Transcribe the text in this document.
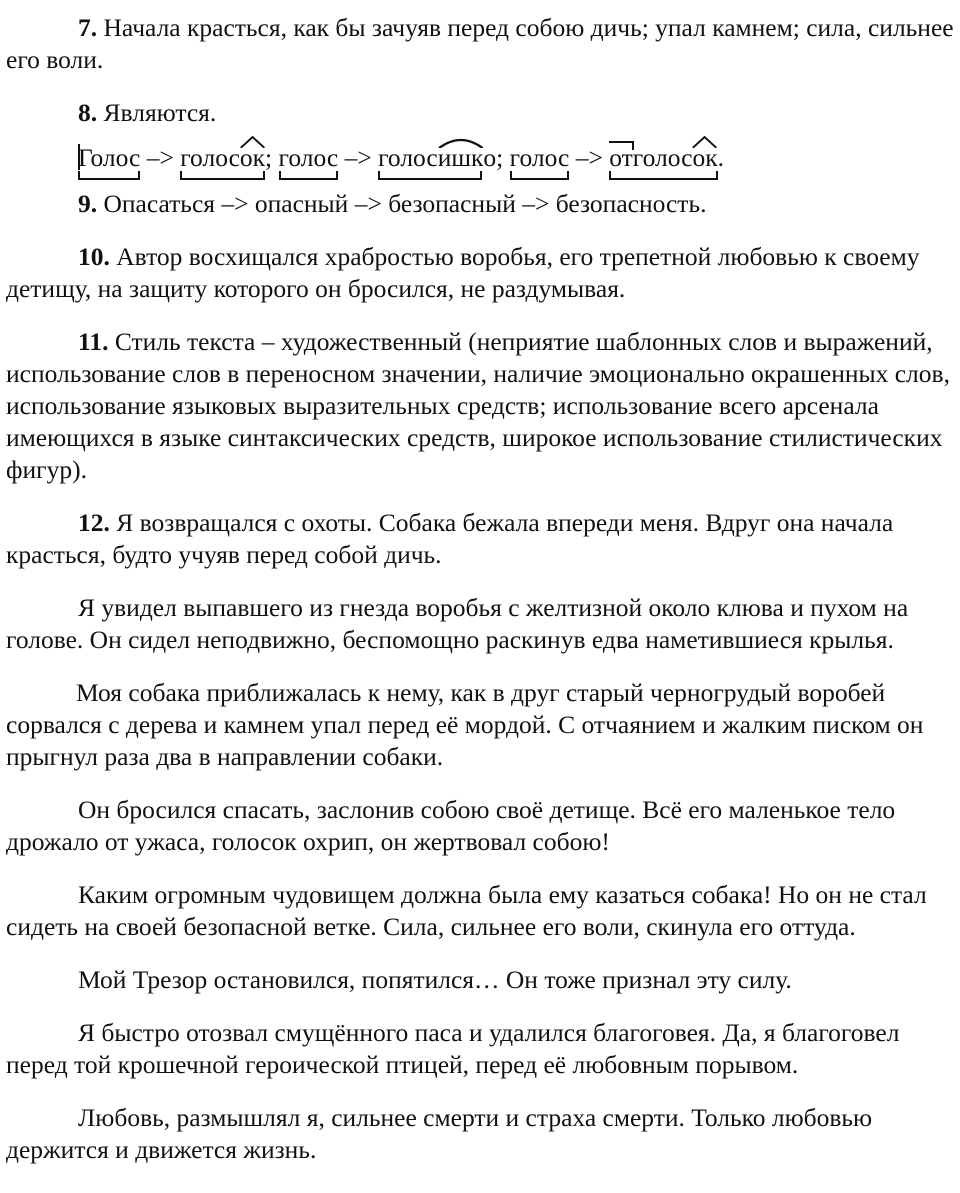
7. Начала красться, как бы зачуяв перед собою дичь; упал камнем; сила, сильнее его воли.

8. Являются.

Голос
–> голос
ок
; голос
–> голос
ишко
; голос
–>
отголос
ок
.

9. Опасаться –> опасный –> безопасный –> безопасность.

10. Автор восхищался храбростью воробья, его трепетной любовью к своему детищу, на защиту которого он бросился, не раздумывая.

11. Стиль текста – художественный (неприятие шаблонных слов и выражений, использование слов в переносном значении, наличие эмоционально окрашенных слов, использование языковых выразительных средств; использование всего арсенала имеющихся в языке синтаксических средств, широкое использование стилистических фигур).

12. Я возвращался с охоты. Собака бежала впереди меня. Вдруг она начала красться, будто учуяв перед собой дичь.

Я увидел выпавшего из гнезда воробья с желтизной около клюва и пухом на голове. Он сидел неподвижно, беспомощно раскинув едва наметившиеся крылья.

Моя собака приближалась к нему, как в друг старый черногрудый воробей сорвался с дерева и камнем упал перед её мордой. С отчаянием и жалким писком он прыгнул раза два в направлении собаки.

Он бросился спасать, заслонив собою своё детище. Всё его маленькое тело дрожало от ужаса, голосок охрип, он жертвовал собою!

Каким огромным чудовищем должна была ему казаться собака! Но он не стал сидеть на своей безопасной ветке. Сила, сильнее его воли, скинула его оттуда.

Мой Трезор остановился, попятился… Он тоже признал эту силу.

Я быстро отозвал смущённого паса и удалился благоговея. Да, я благоговел перед той крошечной героической птицей, перед её любовным порывом.

Любовь, размышлял я, сильнее смерти и страха смерти. Только любовью держится и движется жизнь.
